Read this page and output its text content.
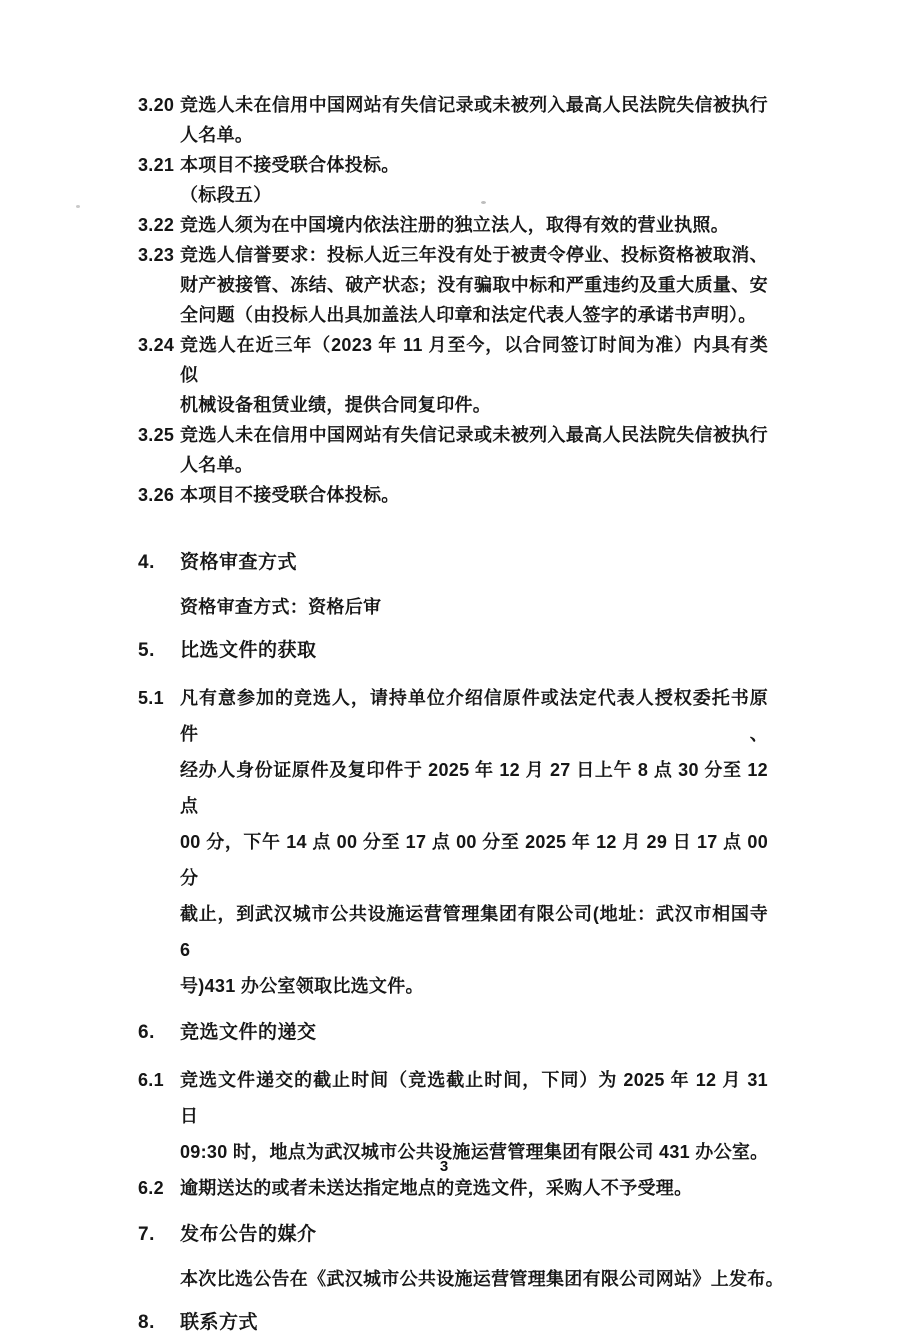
3.20 竞选人未在信用中国网站有失信记录或未被列入最高人民法院失信被执行
人名单。
3.21 本项目不接受联合体投标。
（标段五）
3.22 竞选人须为在中国境内依法注册的独立法人，取得有效的营业执照。
3.23 竞选人信誉要求：投标人近三年没有处于被责令停业、投标资格被取消、
财产被接管、冻结、破产状态；没有骗取中标和严重违约及重大质量、安
全问题（由投标人出具加盖法人印章和法定代表人签字的承诺书声明）。
3.24 竞选人在近三年（2023 年 11 月至今，以合同签订时间为准）内具有类似
机械设备租赁业绩，提供合同复印件。
3.25 竞选人未在信用中国网站有失信记录或未被列入最高人民法院失信被执行
人名单。
3.26 本项目不接受联合体投标。
4.	资格审查方式
资格审查方式：资格后审
5.	比选文件的获取
5.1 凡有意参加的竞选人，请持单位介绍信原件或法定代表人授权委托书原件、
经办人身份证原件及复印件于 2025 年 12 月 27 日上午 8 点 30 分至 12 点
00 分，下午 14 点 00 分至 17 点 00 分至 2025 年 12 月 29 日 17 点 00 分
截止，到武汉城市公共设施运营管理集团有限公司(地址：武汉市相国寺 6
号)431 办公室领取比选文件。
6.	竞选文件的递交
6.1 竞选文件递交的截止时间（竞选截止时间，下同）为 2025 年 12 月 31 日
09:30 时，地点为武汉城市公共设施运营管理集团有限公司 431 办公室。
6.2 逾期送达的或者未送达指定地点的竞选文件，采购人不予受理。
7.	发布公告的媒介
本次比选公告在《武汉城市公共设施运营管理集团有限公司网站》上发布。
8.	联系方式
3
